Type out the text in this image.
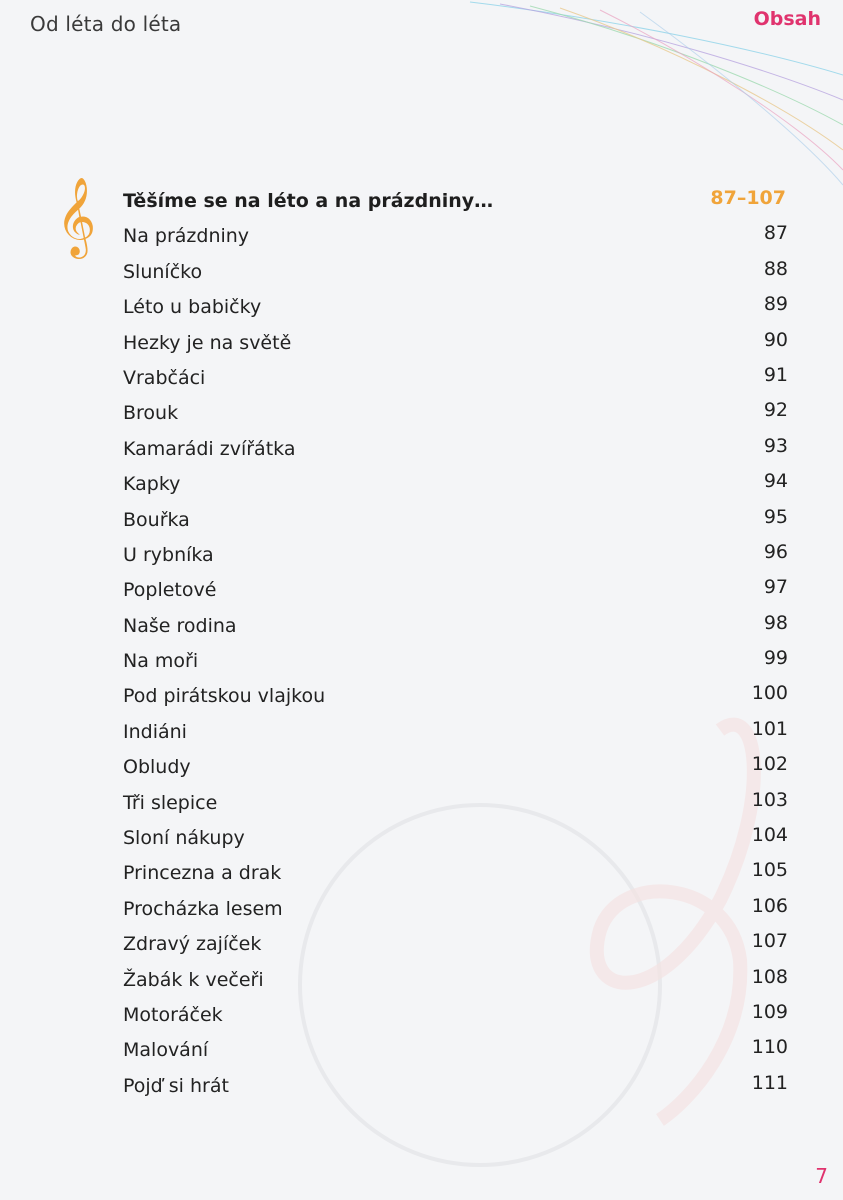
Od léta do léta	Obsah
𝄞 Těšíme se na léto a na prázdniny…	87–107
Na prázdniny	87
Sluníčko	88
Léto u babičky	89
Hezky je na světě	90
Vrabčáci	91
Brouk	92
Kamarádi zvířátka	93
Kapky	94
Bouřka	95
U rybníka	96
Popletové	97
Naše rodina	98
Na moři	99
Pod pirátskou vlajkou	100
Indiáni	101
Obludy	102
Tři slepice	103
Sloní nákupy	104
Princezna a drak	105
Procházka lesem	106
Zdravý zajíček	107
Žabák k večeři	108
Motoráček	109
Malování	110
Pojď si hrát	111
7
